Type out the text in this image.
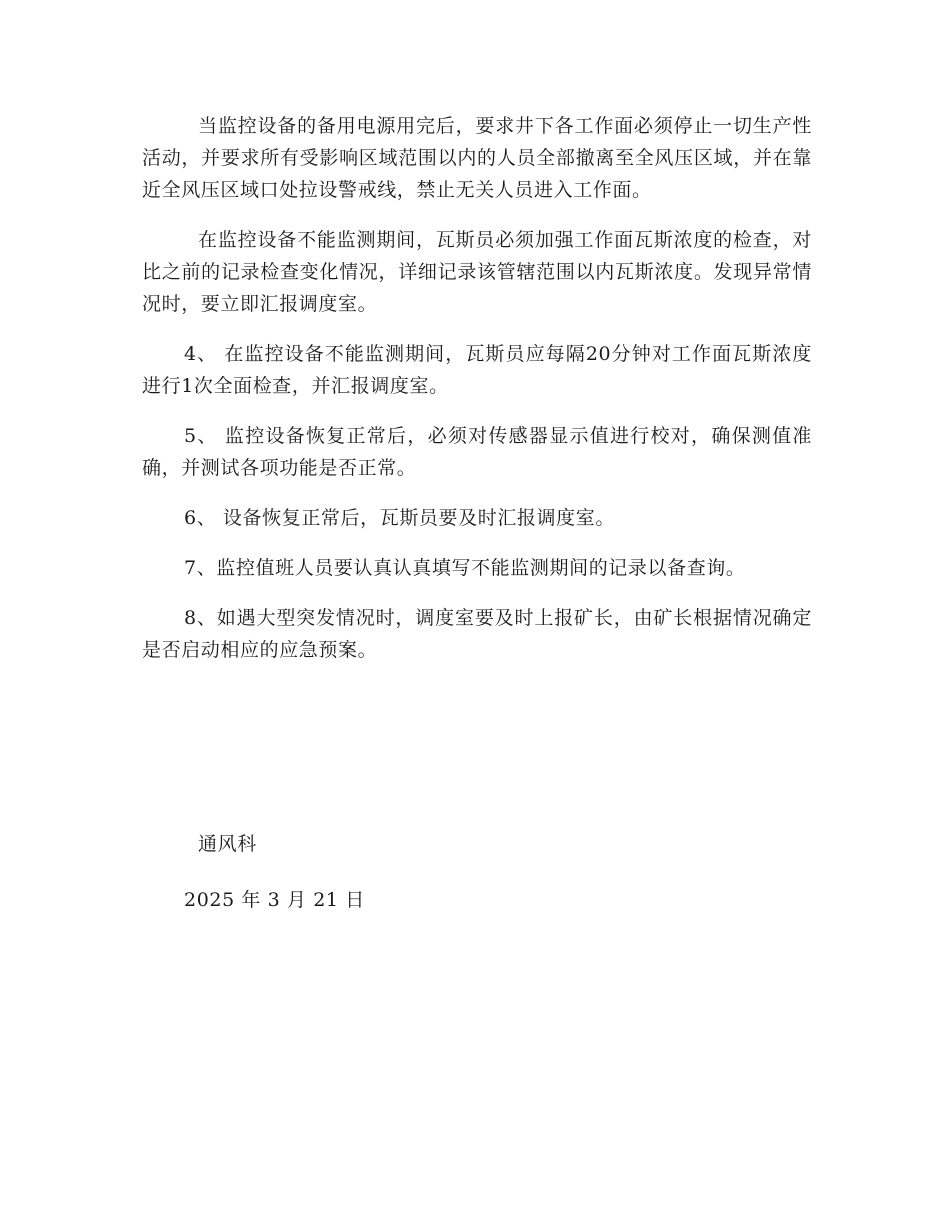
当监控设备的备用电源用完后，要求井下各工作面必须停止一切生产性活动，并要求所有受影响区域范围以内的人员全部撤离至全风压区域，并在靠近全风压区域口处拉设警戒线，禁止无关人员进入工作面。

在监控设备不能监测期间，瓦斯员必须加强工作面瓦斯浓度的检查，对比之前的记录检查变化情况，详细记录该管辖范围以内瓦斯浓度。发现异常情况时，要立即汇报调度室。

4、 在监控设备不能监测期间，瓦斯员应每隔20分钟对工作面瓦斯浓度进行1次全面检查，并汇报调度室。

5、 监控设备恢复正常后，必须对传感器显示值进行校对，确保测值准确，并测试各项功能是否正常。

6、 设备恢复正常后，瓦斯员要及时汇报调度室。

7、监控值班人员要认真认真填写不能监测期间的记录以备查询。

8、如遇大型突发情况时，调度室要及时上报矿长，由矿长根据情况确定是否启动相应的应急预案。

通风科
2025 年 3 月 21 日
